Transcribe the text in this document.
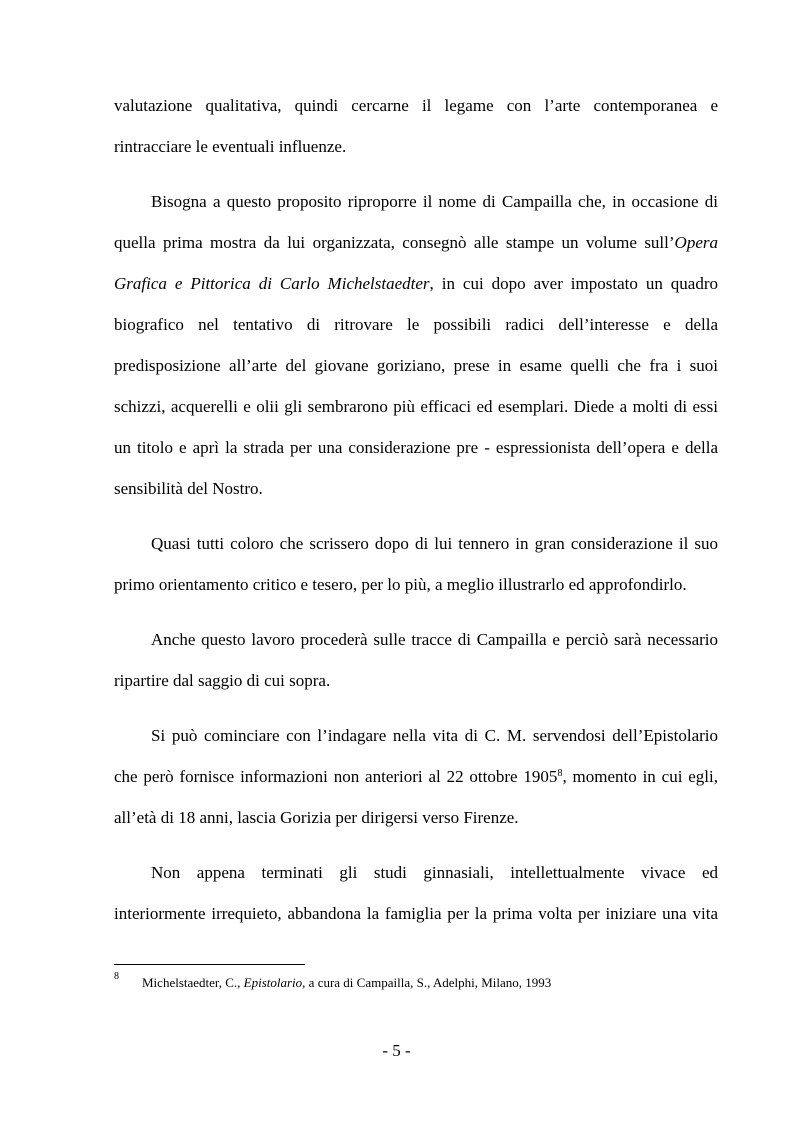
valutazione qualitativa, quindi cercarne il legame con l’arte contemporanea e
rintracciare le eventuali influenze.
Bisogna a questo proposito riproporre il nome di Campailla che, in occasione di
quella prima mostra da lui organizzata, consegnò alle stampe un volume sull’Opera
Grafica e Pittorica di Carlo Michelstaedter, in cui dopo aver impostato un quadro
biografico nel tentativo di ritrovare le possibili radici dell’interesse e della
predisposizione all’arte del giovane goriziano, prese in esame quelli che fra i suoi
schizzi, acquerelli e olii gli sembrarono più efficaci ed esemplari. Diede a molti di essi
un titolo e aprì la strada per una considerazione pre - espressionista dell’opera e della
sensibilità del Nostro.
Quasi tutti coloro che scrissero dopo di lui tennero in gran considerazione il suo
primo orientamento critico e tesero, per lo più, a meglio illustrarlo ed approfondirlo.
Anche questo lavoro procederà sulle tracce di Campailla e perciò sarà necessario
ripartire dal saggio di cui sopra.
Si può cominciare con l’indagare nella vita di C. M. servendosi dell’Epistolario
che però fornisce informazioni non anteriori al 22 ottobre 1905$^8$, momento in cui egli,
all’età di 18 anni, lascia Gorizia per dirigersi verso Firenze.
Non appena terminati gli studi ginnasiali, intellettualmente vivace ed
interiormente irrequieto, abbandona la famiglia per la prima volta per iniziare una vita
8 Michelstaedter, C., Epistolario, a cura di Campailla, S., Adelphi, Milano, 1993
- 5 -
